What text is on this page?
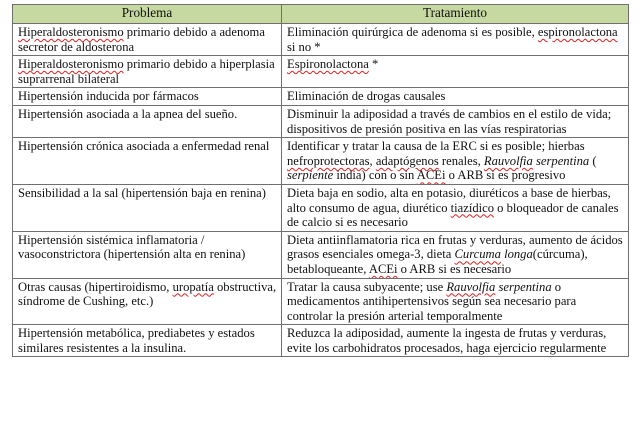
Problema	Tratamiento
Hiperaldosteronismo primario debido a adenoma secretor de aldosterona	Eliminación quirúrgica de adenoma si es posible, espironolactona si no *
Hiperaldosteronismo primario debido a hiperplasia suprarrenal bilateral	Espironolactona *
Hipertensión inducida por fármacos	Eliminación de drogas causales
Hipertensión asociada a la apnea del sueño.	Disminuir la adiposidad a través de cambios en el estilo de vida; dispositivos de presión positiva en las vías respiratorias
Hipertensión crónica asociada a enfermedad renal	Identificar y tratar la causa de la ERC si es posible; hierbas nefroprotectoras, adaptógenos renales, Rauvolfia serpentina ( serpiente india) con o sin ACEi o ARB si es progresivo
Sensibilidad a la sal (hipertensión baja en renina)	Dieta baja en sodio, alta en potasio, diuréticos a base de hierbas, alto consumo de agua, diurético tiazídico o bloqueador de canales de calcio si es necesario
Hipertensión sistémica inflamatoria / vasoconstrictora (hipertensión alta en renina)	Dieta antiinflamatoria rica en frutas y verduras, aumento de ácidos grasos esenciales omega-3, dieta Curcuma longa(cúrcuma), betabloqueante, ACEi o ARB si es necesario
Otras causas (hipertiroidismo, uropatía obstructiva, síndrome de Cushing, etc.)	Tratar la causa subyacente; use Rauvolfia serpentina o medicamentos antihipertensivos según sea necesario para controlar la presión arterial temporalmente
Hipertensión metabólica, prediabetes y estados similares resistentes a la insulina.	Reduzca la adiposidad, aumente la ingesta de frutas y verduras, evite los carbohidratos procesados, haga ejercicio regularmente
